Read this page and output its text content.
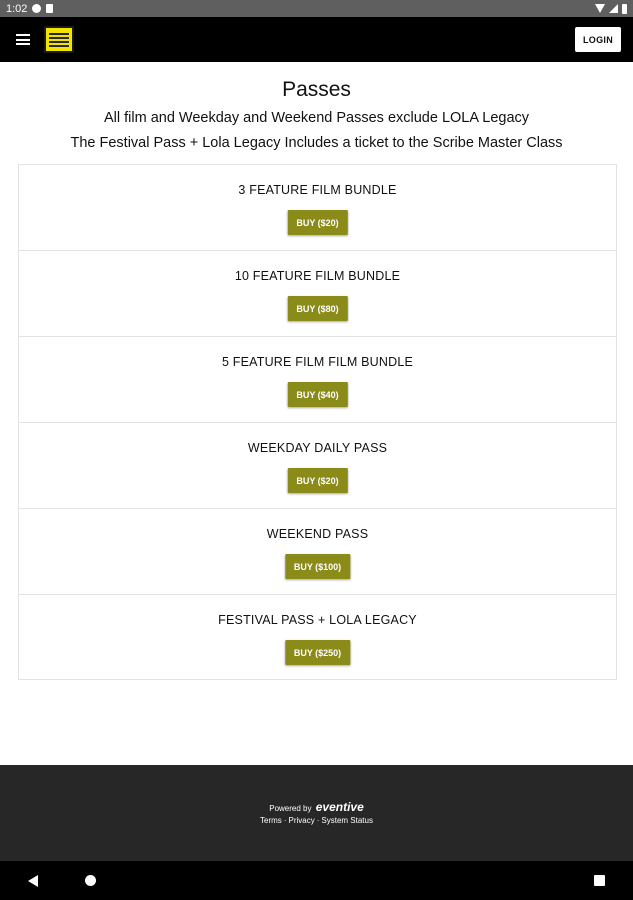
1:02
LOGIN
Passes
All film and Weekday and Weekend Passes exclude LOLA Legacy
The Festival Pass + Lola Legacy Includes a ticket to the Scribe Master Class
3 FEATURE FILM BUNDLE
BUY ($20)
10 FEATURE FILM BUNDLE
BUY ($80)
5 FEATURE FILM FILM BUNDLE
BUY ($40)
WEEKDAY DAILY PASS
BUY ($20)
WEEKEND PASS
BUY ($100)
FESTIVAL PASS + LOLA LEGACY
BUY ($250)
Powered by eventive
Terms · Privacy · System Status
